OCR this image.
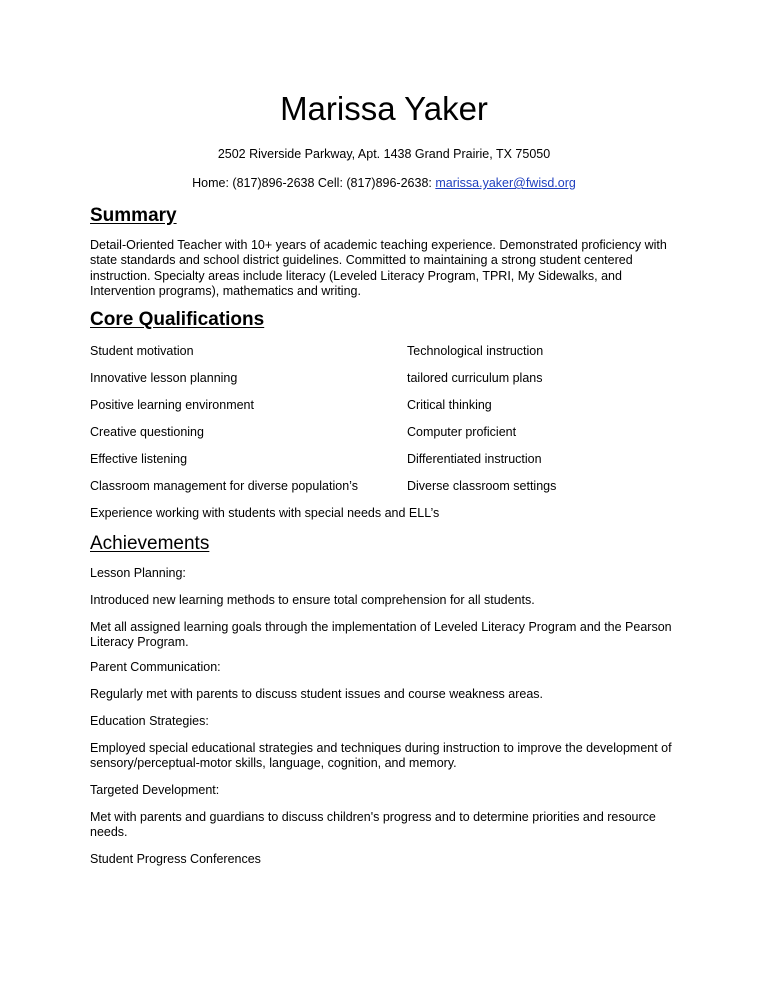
Marissa Yaker

2502 Riverside Parkway, Apt. 1438 Grand Prairie, TX 75050

Home: (817)896-2638 Cell: (817)896-2638: marissa.yaker@fwisd.org

Summary

Detail-Oriented Teacher with 10+ years of academic teaching experience. Demonstrated proficiency with state standards and school district guidelines. Committed to maintaining a strong student centered instruction. Specialty areas include literacy (Leveled Literacy Program, TPRI, My Sidewalks, and Intervention programs), mathematics and writing.

Core Qualifications

Student motivation	Technological instruction

Innovative lesson planning	tailored curriculum plans

Positive learning environment	Critical thinking

Creative questioning	Computer proficient

Effective listening	Differentiated instruction

Classroom management for diverse population’s	Diverse classroom settings

Experience working with students with special needs and ELL’s

Achievements

Lesson Planning:

Introduced new learning methods to ensure total comprehension for all students.

Met all assigned learning goals through the implementation of Leveled Literacy Program and the Pearson Literacy Program.

Parent Communication:

Regularly met with parents to discuss student issues and course weakness areas.

Education Strategies:

Employed special educational strategies and techniques during instruction to improve the development of sensory/perceptual-motor skills, language, cognition, and memory.

Targeted Development:

Met with parents and guardians to discuss children's progress and to determine priorities and resource needs.

Student Progress Conferences
